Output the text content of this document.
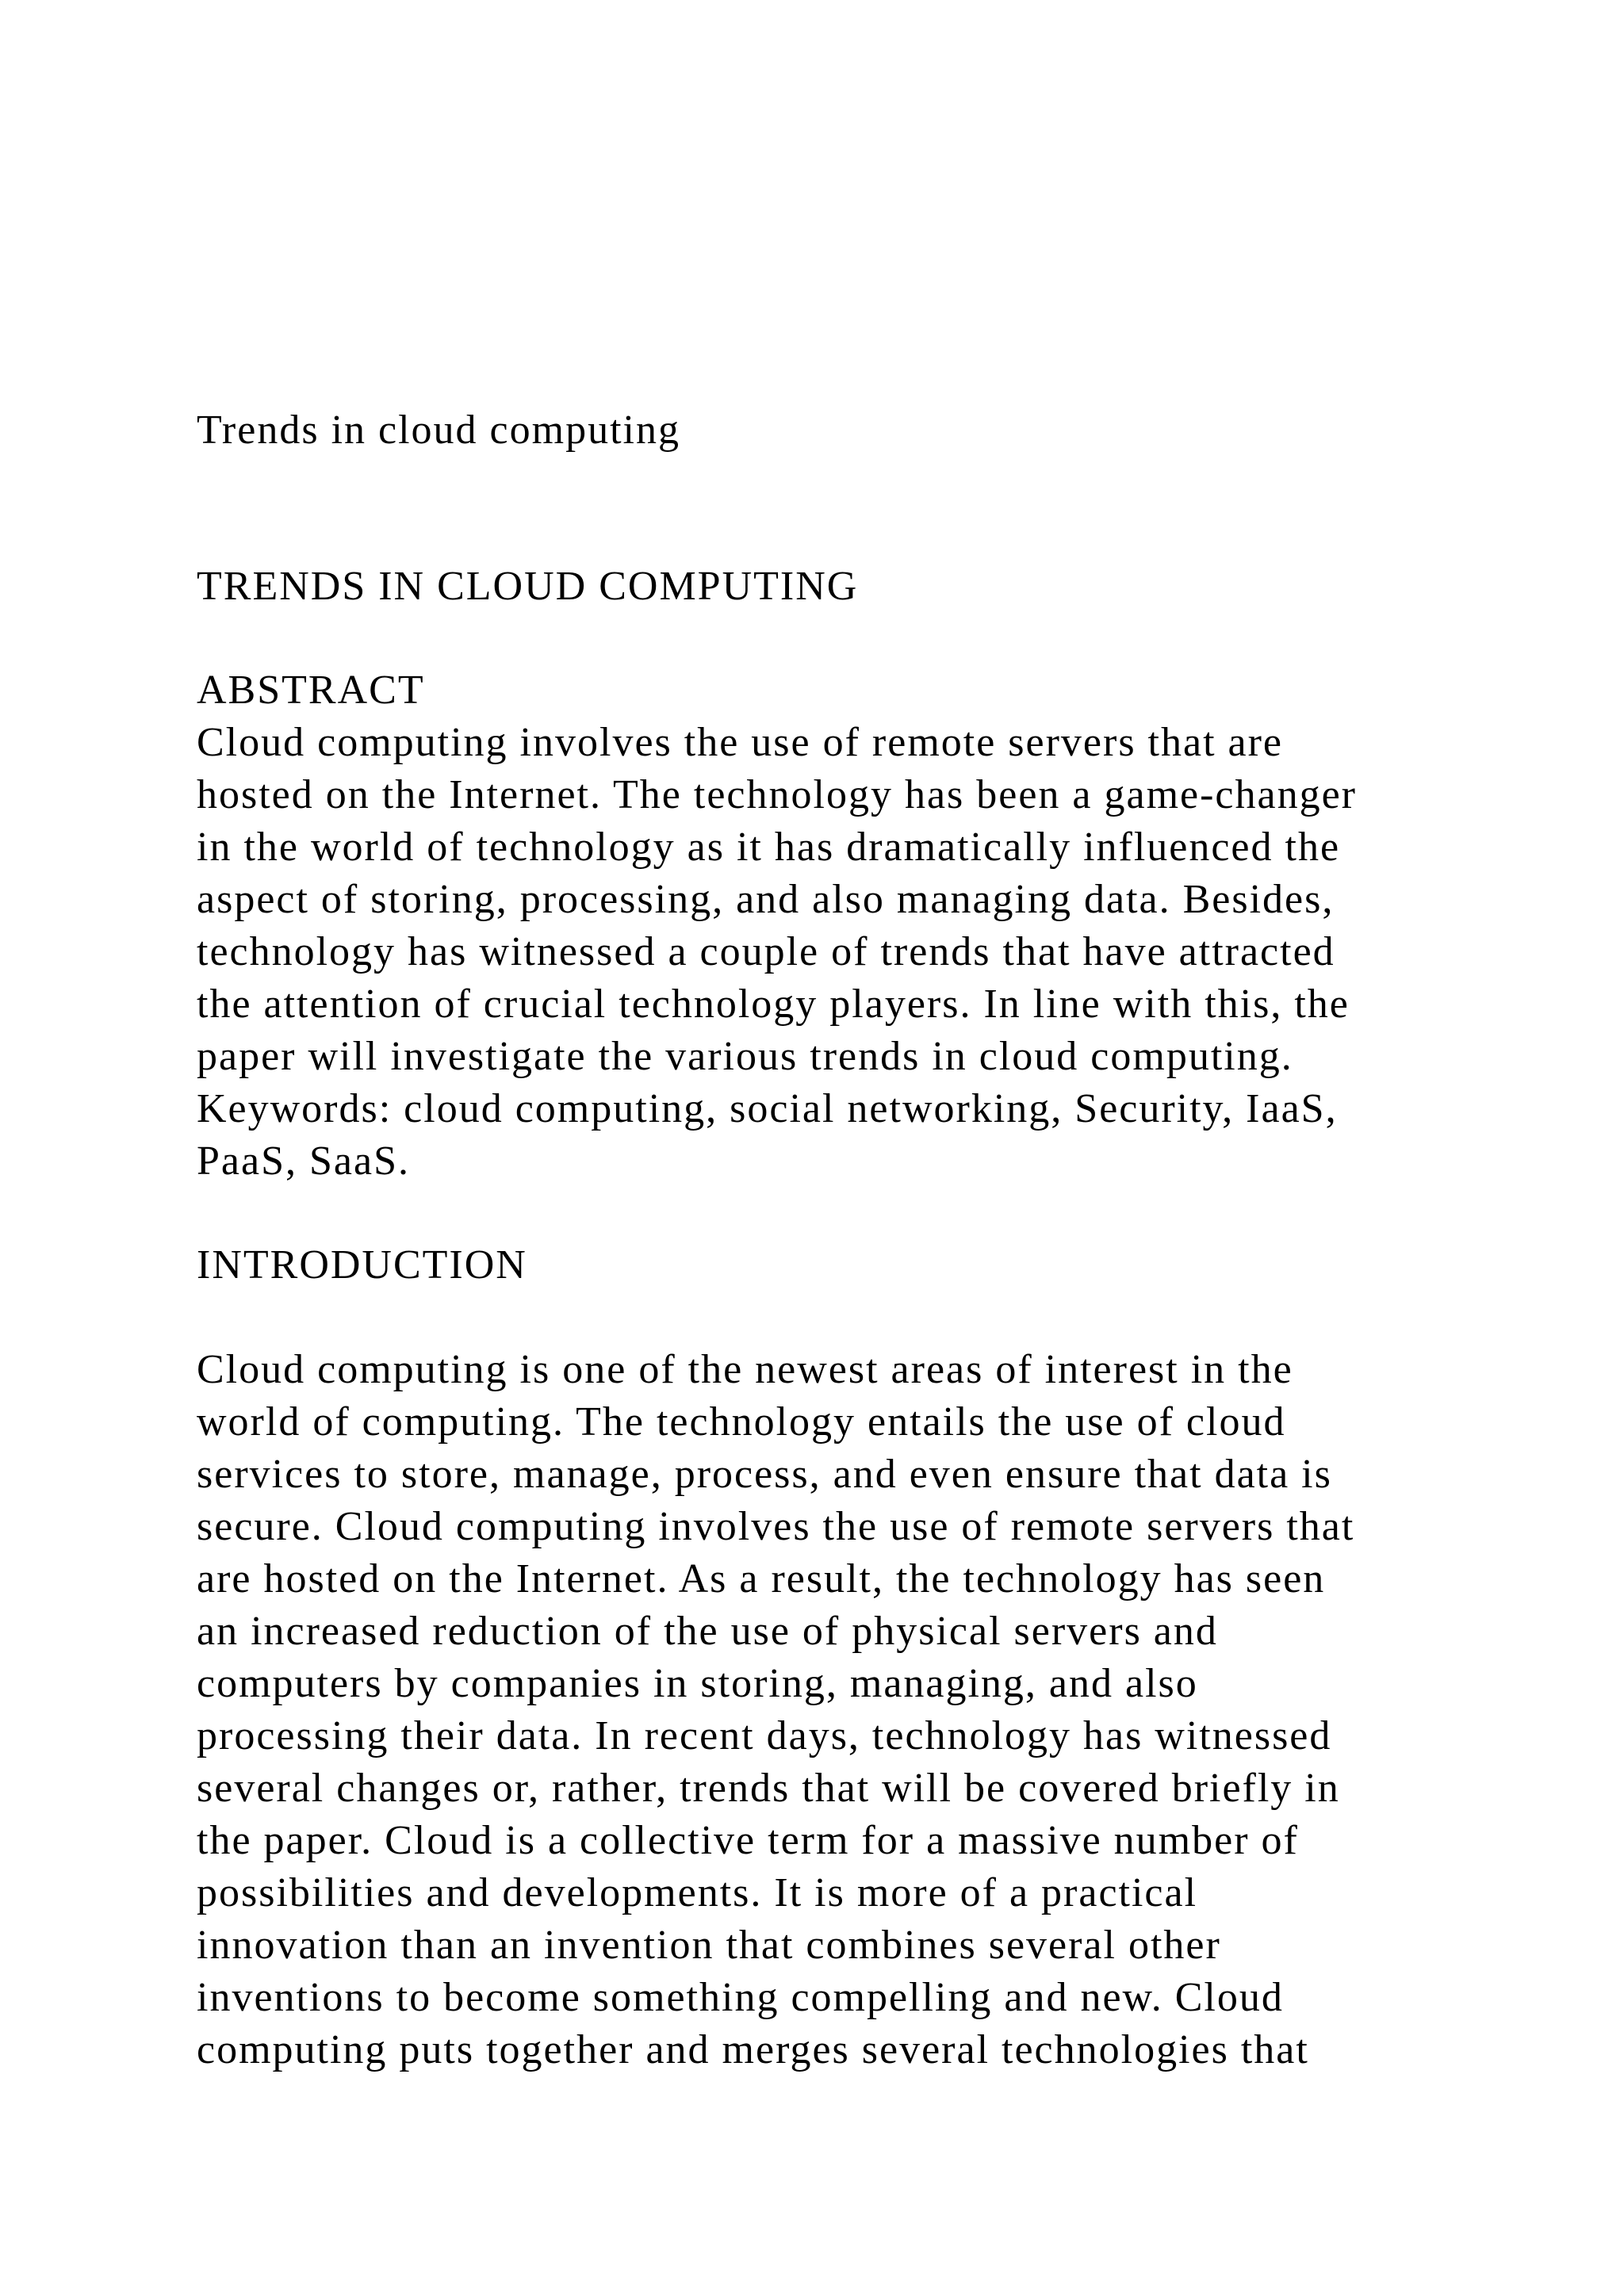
Trends in cloud computing
TRENDS IN CLOUD COMPUTING
ABSTRACT
Cloud computing involves the use of remote servers that are
hosted on the Internet. The technology has been a game-changer
in the world of technology as it has dramatically influenced the
aspect of storing, processing, and also managing data. Besides,
technology has witnessed a couple of trends that have attracted
the attention of crucial technology players. In line with this, the
paper will investigate the various trends in cloud computing.
Keywords: cloud computing, social networking, Security, IaaS,
PaaS, SaaS.
INTRODUCTION
Cloud computing is one of the newest areas of interest in the
world of computing. The technology entails the use of cloud
services to store, manage, process, and even ensure that data is
secure. Cloud computing involves the use of remote servers that
are hosted on the Internet. As a result, the technology has seen
an increased reduction of the use of physical servers and
computers by companies in storing, managing, and also
processing their data. In recent days, technology has witnessed
several changes or, rather, trends that will be covered briefly in
the paper. Cloud is a collective term for a massive number of
possibilities and developments. It is more of a practical
innovation than an invention that combines several other
inventions to become something compelling and new. Cloud
computing puts together and merges several technologies that
